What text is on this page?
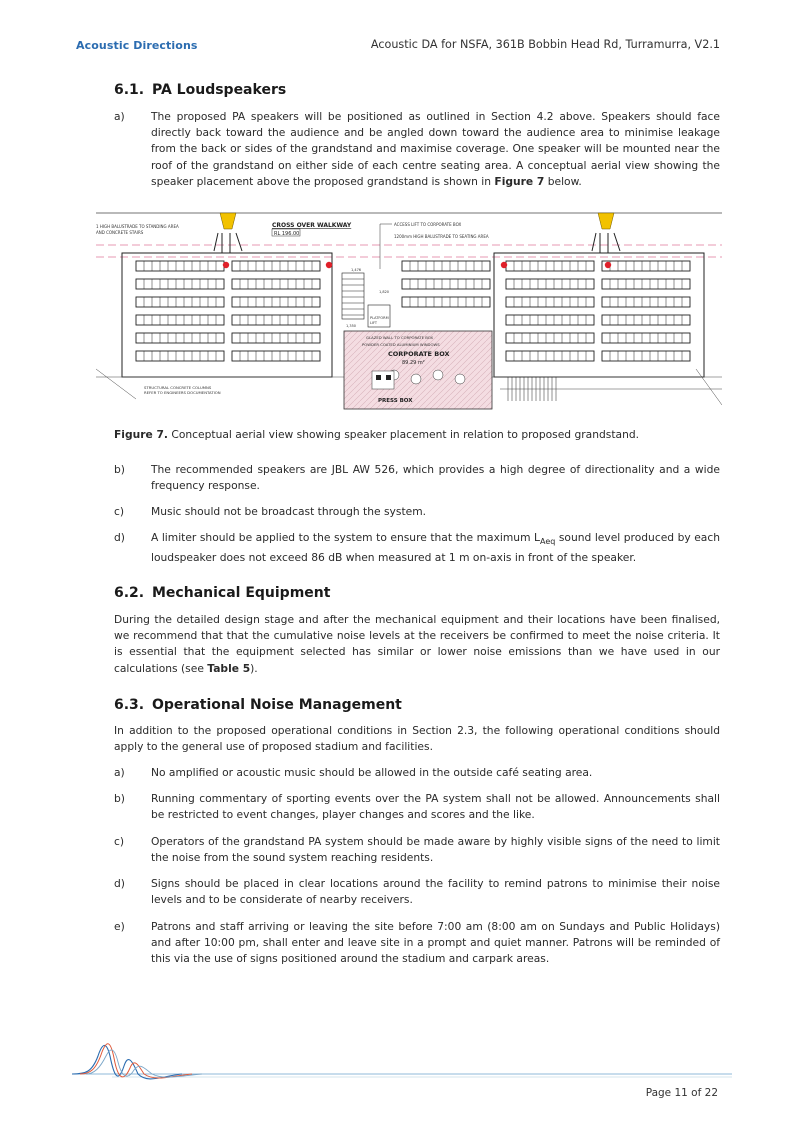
Acoustic Directions	Acoustic DA for NSFA, 361B Bobbin Head Rd, Turramurra, V2.1
6.1. PA Loudspeakers
a) The proposed PA speakers will be positioned as outlined in Section 4.2 above. Speakers should face directly back toward the audience and be angled down toward the audience area to minimise leakage from the back or sides of the grandstand and maximise coverage. One speaker will be mounted near the roof of the grandstand on either side of each centre seating area. A conceptual aerial view showing the speaker placement above the proposed grandstand is shown in Figure 7 below.
1 HIGH BALUSTRADE TO STANDING AREA
AND CONCRETE STAIRS
CROSS OVER WALKWAY
RL 196.00
ACCESS LIFT TO CORPORATE BOX
1200mm HIGH BALUSTRADE TO SEATING AREA
1,476
1,820
1,350
PLATFORM
LIFT
GLAZED WALL TO CORPORATE BOX
POWDER COATED ALUMINIUM WINDOWS
CORPORATE BOX
89.29 m²
PRESS BOX
STRUCTURAL CONCRETE COLUMNS
REFER TO ENGINEERS DOCUMENTATION
Figure 7. Conceptual aerial view showing speaker placement in relation to proposed grandstand.
b) The recommended speakers are JBL AW 526, which provides a high degree of directionality and a wide frequency response.
c)	Music should not be broadcast through the system.
d) A limiter should be applied to the system to ensure that the maximum $L_{Aeq}$ sound level produced by each loudspeaker does not exceed 86 dB when measured at 1 m on-axis in front of the speaker.
6.2. Mechanical Equipment
During the detailed design stage and after the mechanical equipment and their locations have been finalised, we recommend that that the cumulative noise levels at the receivers be confirmed to meet the noise criteria. It is essential that the equipment selected has similar or lower noise emissions than we have used in our calculations (see Table 5).
6.3. Operational Noise Management
In addition to the proposed operational conditions in Section 2.3, the following operational conditions should apply to the general use of proposed stadium and facilities.
a) No amplified or acoustic music should be allowed in the outside café seating area.
b) Running commentary of sporting events over the PA system shall not be allowed. Announcements shall be restricted to event changes, player changes and scores and the like.
c)	Operators of the grandstand PA system should be made aware by highly visible signs of the need to limit the noise from the sound system reaching residents.
d) Signs should be placed in clear locations around the facility to remind patrons to minimise their noise levels and to be considerate of nearby receivers.
e) Patrons and staff arriving or leaving the site before 7:00 am (8:00 am on Sundays and Public Holidays) and after 10:00 pm, shall enter and leave site in a prompt and quiet manner. Patrons will be reminded of this via the use of signs positioned around the stadium and carpark areas.
Page 11 of 22
